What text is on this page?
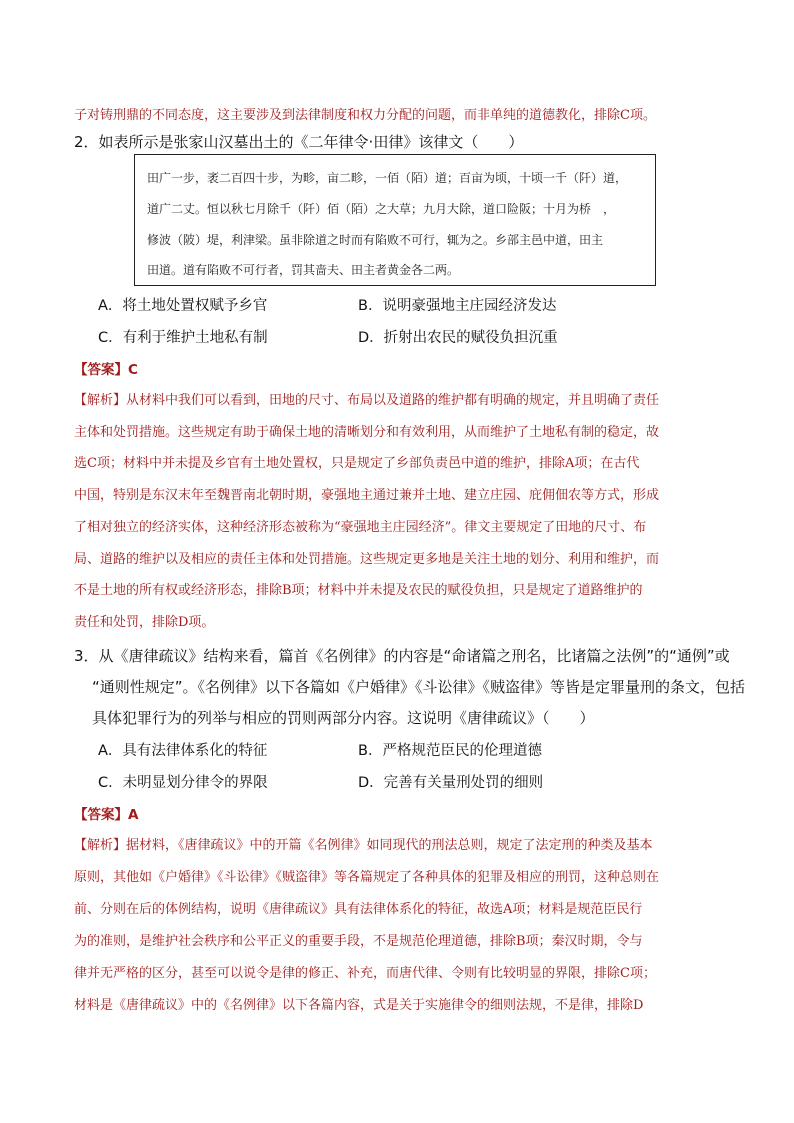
子对铸刑鼎的不同态度，这主要涉及到法律制度和权力分配的问题，而非单纯的道德教化，排除C项。
2．如表所示是张家山汉墓出土的《二年律令·田律》该律文（　　）
田广一步，袤二百四十步，为畛，亩二畛，一佰（陌）道；百亩为顷，十顷一千（阡）道，
道广二丈。恒以秋七月除千（阡）佰（陌）之大草；九月大除，道口险阪；十月为桥　，
修波（陂）堤，利津梁。虽非除道之时而有陷败不可行，辄为之。乡部主邑中道，田主
田道。道有陷败不可行者，罚其啬夫、田主者黄金各二两。
A．将土地处置权赋予乡官	B．说明豪强地主庄园经济发达
C．有利于维护土地私有制	D．折射出农民的赋役负担沉重
【答案】C
【解析】从材料中我们可以看到，田地的尺寸、布局以及道路的维护都有明确的规定，并且明确了责任
主体和处罚措施。这些规定有助于确保土地的清晰划分和有效利用，从而维护了土地私有制的稳定，故
选C项；材料中并未提及乡官有土地处置权，只是规定了乡部负责邑中道的维护，排除A项；在古代
中国，特别是东汉末年至魏晋南北朝时期，豪强地主通过兼并土地、建立庄园、庇佣佃农等方式，形成
了相对独立的经济实体，这种经济形态被称为“豪强地主庄园经济”。律文主要规定了田地的尺寸、布
局、道路的维护以及相应的责任主体和处罚措施。这些规定更多地是关注土地的划分、利用和维护，而
不是土地的所有权或经济形态，排除B项；材料中并未提及农民的赋役负担，只是规定了道路维护的
责任和处罚，排除D项。
3．从《唐律疏议》结构来看，篇首《名例律》的内容是“命诸篇之刑名，比诸篇之法例”的“通例”或
“通则性规定”。《名例律》以下各篇如《户婚律》《斗讼律》《贼盗律》等皆是定罪量刑的条文，包括
具体犯罪行为的列举与相应的罚则两部分内容。这说明《唐律疏议》（　　）
A．具有法律体系化的特征	B．严格规范臣民的伦理道德
C．未明显划分律令的界限	D．完善有关量刑处罚的细则
【答案】A
【解析】据材料，《唐律疏议》中的开篇《名例律》如同现代的刑法总则，规定了法定刑的种类及基本
原则，其他如《户婚律》《斗讼律》《贼盗律》等各篇规定了各种具体的犯罪及相应的刑罚，这种总则在
前、分则在后的体例结构，说明《唐律疏议》具有法律体系化的特征，故选A项；材料是规范臣民行
为的准则，是维护社会秩序和公平正义的重要手段，不是规范伦理道德，排除B项；秦汉时期，令与
律并无严格的区分，甚至可以说令是律的修正、补充，而唐代律、令则有比较明显的界限，排除C项；
材料是《唐律疏议》中的《名例律》以下各篇内容，式是关于实施律令的细则法规，不是律，排除D
